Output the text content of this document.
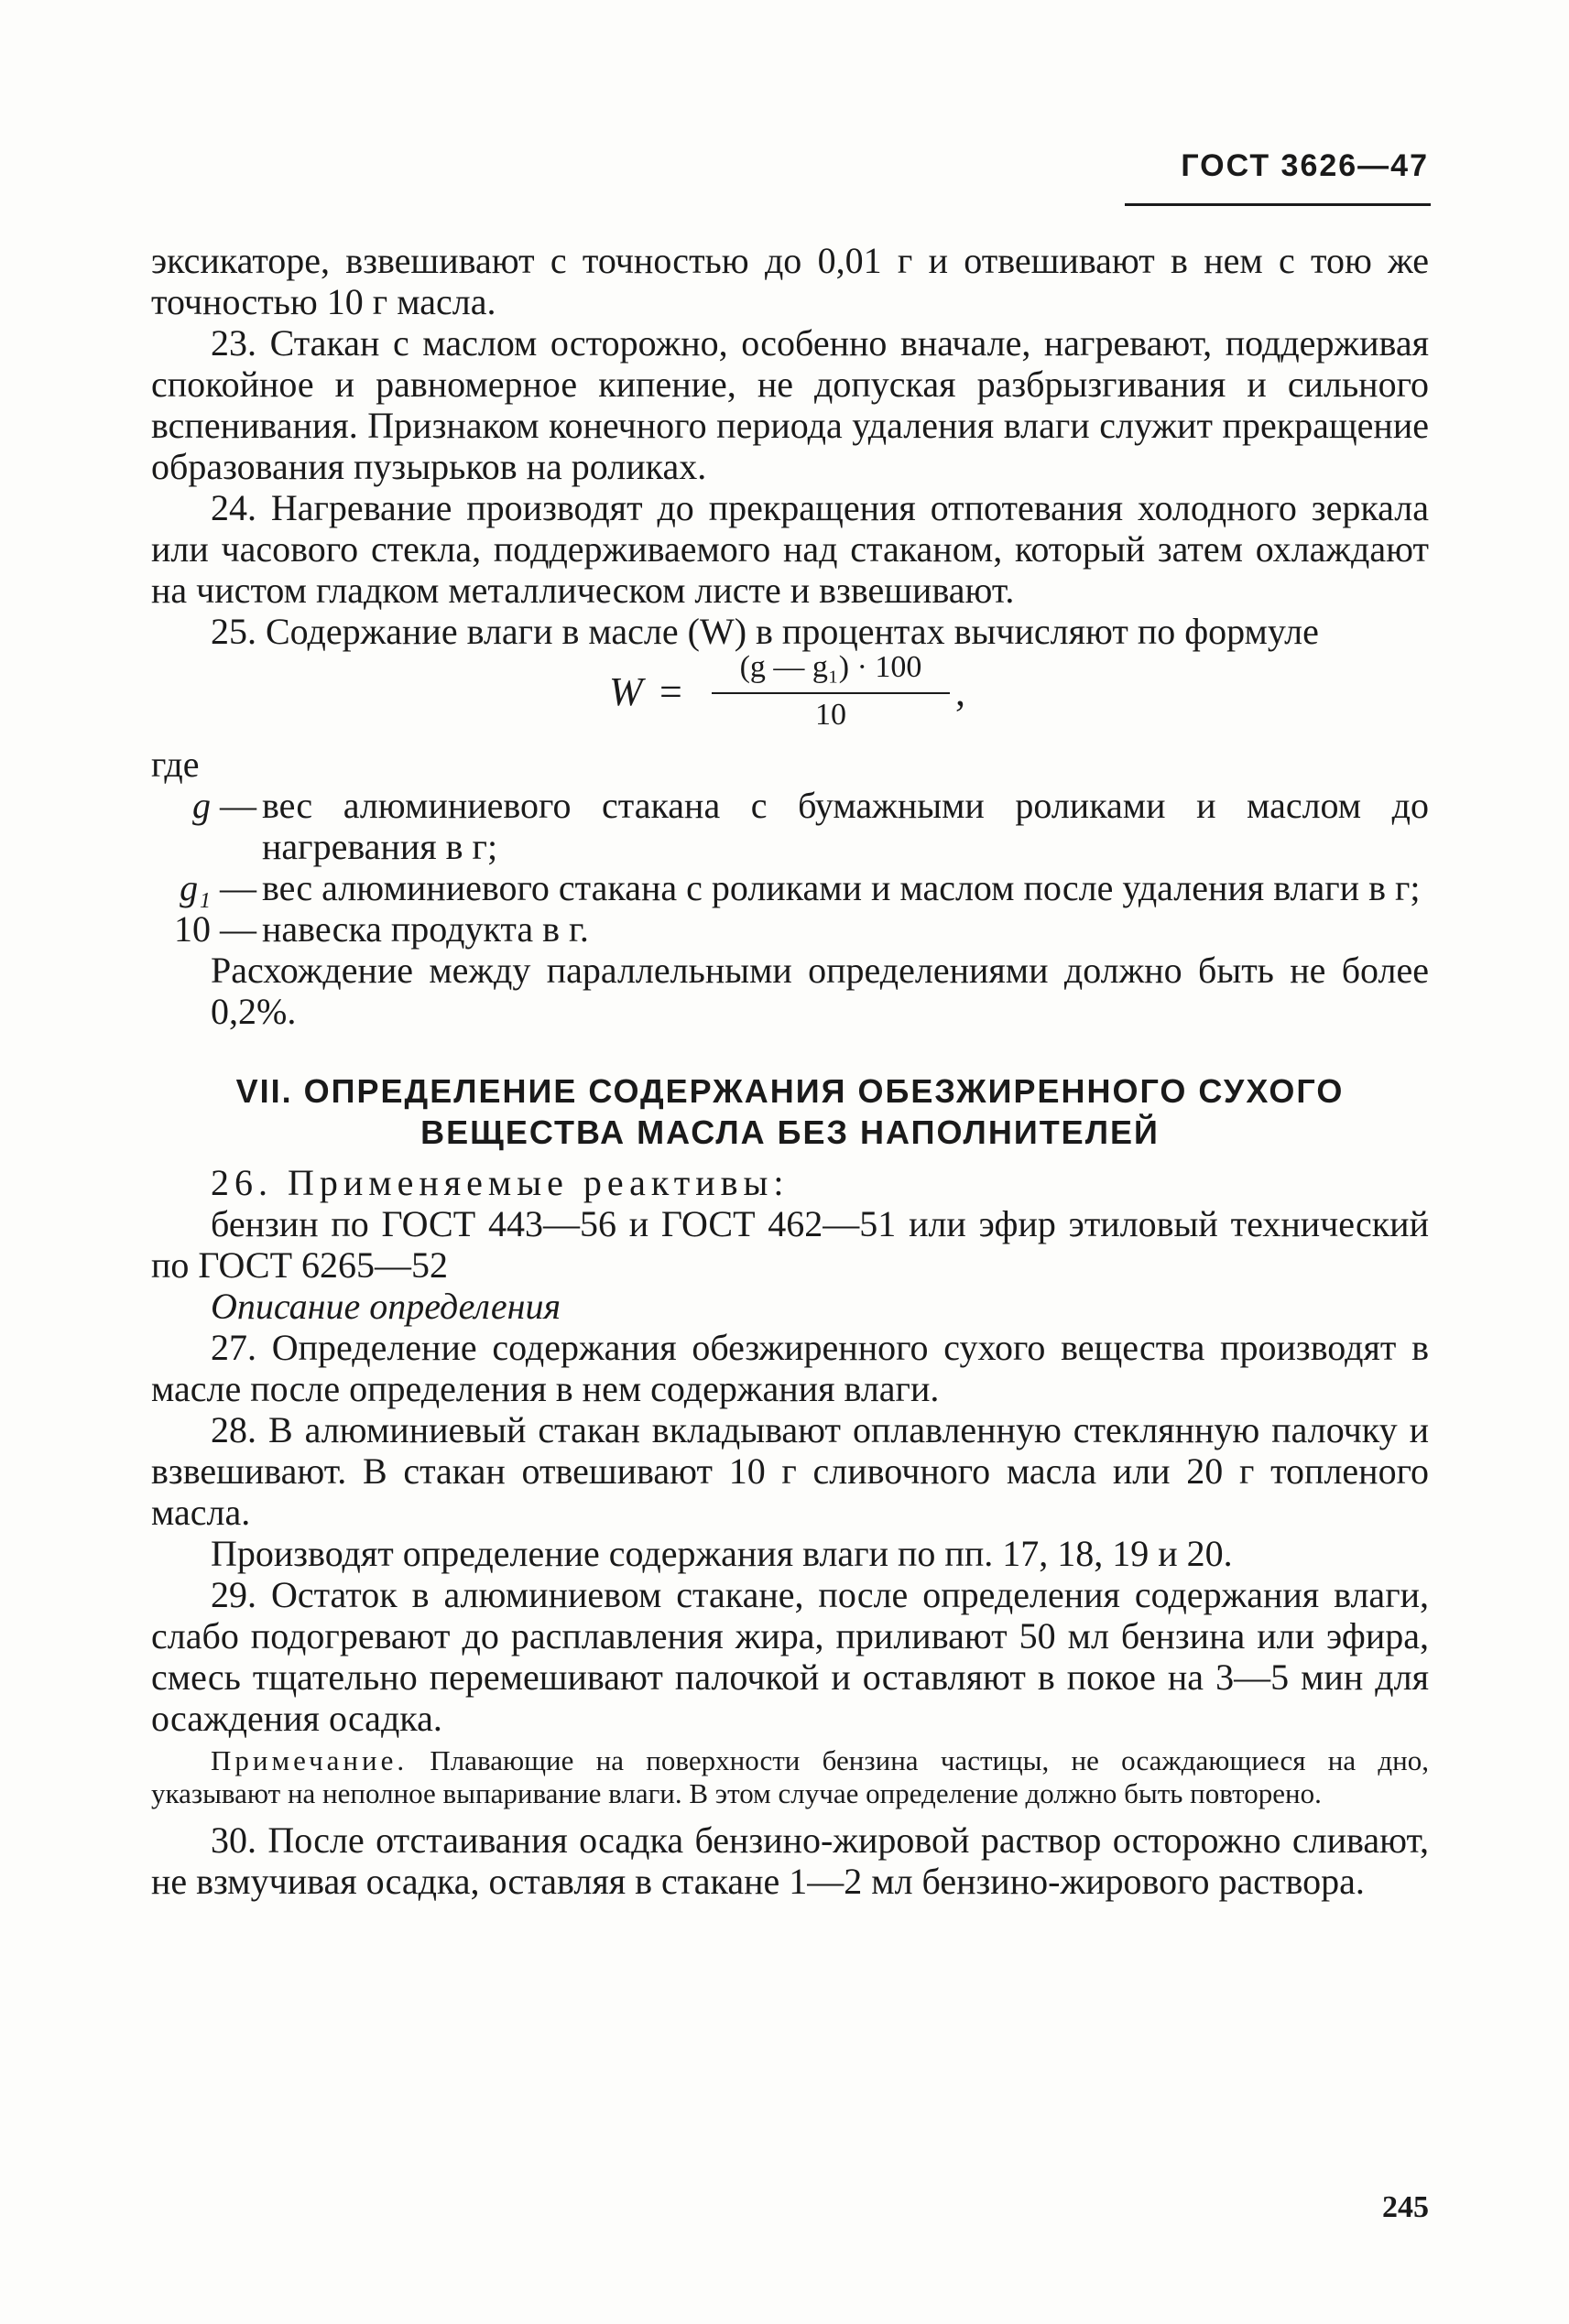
ГОСТ 3626—47

эксикаторе, взвешивают с точностью до 0,01 г и отвешивают в нем с тою же точностью 10 г масла.

23. Стакан с маслом осторожно, особенно вначале, нагревают, поддерживая спокойное и равномерное кипение, не допуская разбрызгивания и сильного вспенивания. Признаком конечного периода удаления влаги служит прекращение образования пузырьков на роликах.

24. Нагревание производят до прекращения отпотевания холодного зеркала или часового стекла, поддерживаемого над стаканом, который затем охлаждают на чистом гладком металлическом листе и взвешивают.

25. Содержание влаги в масле (W) в процентах вычисляют по формуле

W =
(g — g₁) · 100
10
,

где

g — вес алюминиевого стакана с бумажными роликами и маслом до нагревания в г;
g₁ — вес алюминиевого стакана с роликами и маслом после удаления влаги в г;
10 — навеска продукта в г.

Расхождение между параллельными определениями должно быть не более 0,2%.

VII. ОПРЕДЕЛЕНИЕ СОДЕРЖАНИЯ ОБЕЗЖИРЕННОГО СУХОГО
ВЕЩЕСТВА МАСЛА БЕЗ НАПОЛНИТЕЛЕЙ

26. Применяемые реактивы:

бензин по ГОСТ 443—56 и ГОСТ 462—51 или эфир этиловый технический по ГОСТ 6265—52

Описание определения

27. Определение содержания обезжиренного сухого вещества производят в масле после определения в нем содержания влаги.

28. В алюминиевый стакан вкладывают оплавленную стеклянную палочку и взвешивают. В стакан отвешивают 10 г сливочного масла или 20 г топленого масла.

Производят определение содержания влаги по пп. 17, 18, 19 и 20.

29. Остаток в алюминиевом стакане, после определения содержания влаги, слабо подогревают до расплавления жира, приливают 50 мл бензина или эфира, смесь тщательно перемешивают палочкой и оставляют в покое на 3—5 мин для осаждения осадка.

Примечание. Плавающие на поверхности бензина частицы, не осаждающиеся на дно, указывают на неполное выпаривание влаги. В этом случае определение должно быть повторено.

30. После отстаивания осадка бензино-жировой раствор осторожно сливают, не взмучивая осадка, оставляя в стакане 1—2 мл бензино-жирового раствора.

245
